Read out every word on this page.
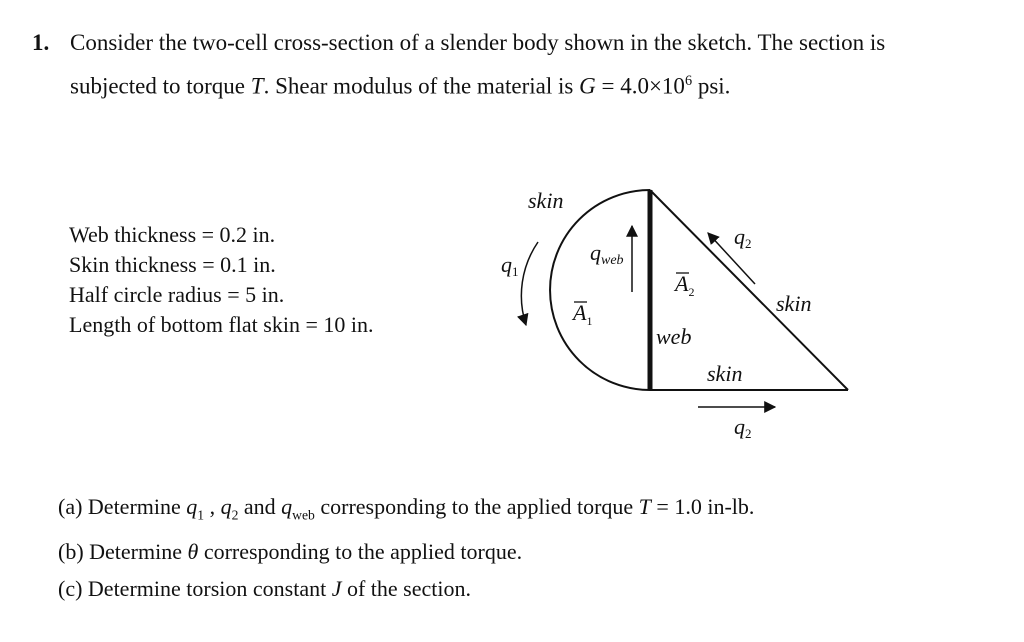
1. Consider the two-cell cross-section of a slender body shown in the sketch. The section is
subjected to torque T. Shear modulus of the material is $G = 4.0\times 10^6$ psi.
Web thickness = 0.2 in.
Skin thickness = 0.1 in.
Half circle radius = 5 in.
Length of bottom flat skin = 10 in.
skin
skin
skin
web
q1
qweb
q2
q2
$A_1$
$A_2$
(a) Determine $q_1$ , $q_2$ and $q_{web}$ corresponding to the applied torque T = 1.0 in-lb.
(b) Determine θ corresponding to the applied torque.
(c) Determine torsion constant J of the section.
